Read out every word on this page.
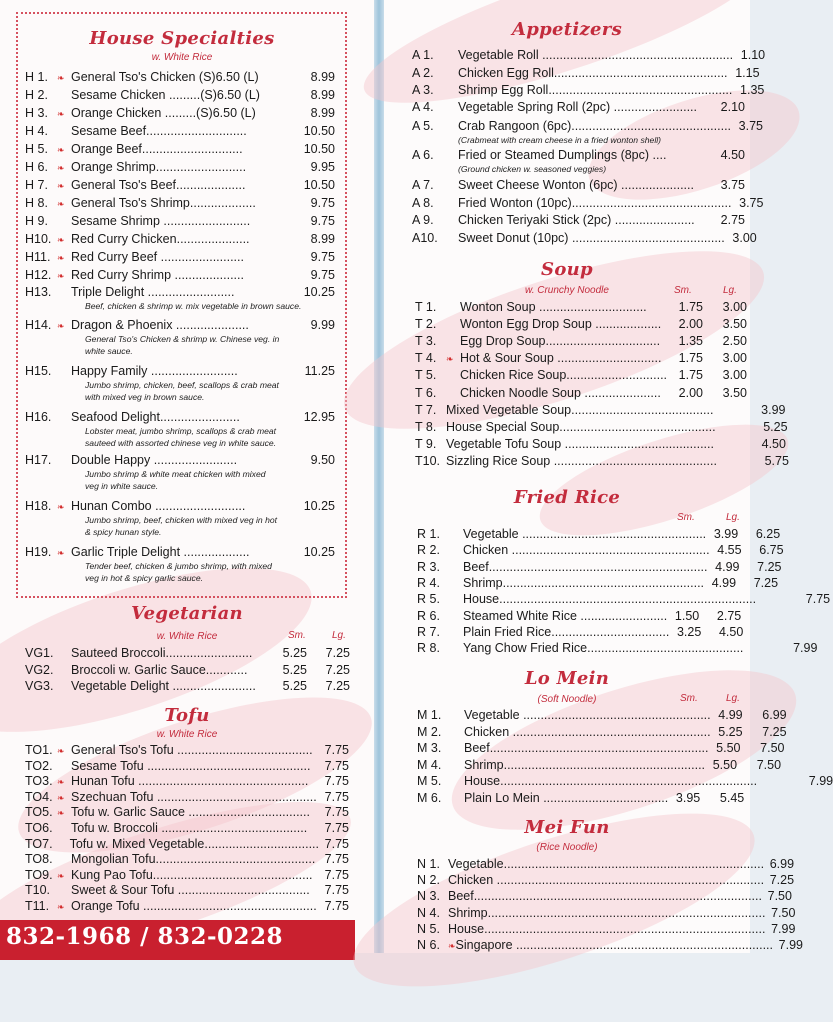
House Specialties
w. White Rice
H 1.	❧ General Tso's Chicken (S)6.50 (L)	8.99
H 2.	Sesame Chicken .........(S)6.50 (L)	8.99
H 3.	❧ Orange Chicken .........(S)6.50 (L)	8.99
H 4.	Sesame Beef.............................	10.50
H 5.	❧ Orange Beef.............................	10.50
H 6.	❧ Orange Shrimp..........................	9.95
H 7.	❧ General Tso's Beef....................	10.50
H 8.	❧ General Tso's Shrimp...................	9.75
H 9.	Sesame Shrimp .........................	9.75
H10. ❧ Red Curry Chicken.....................	8.99
H11. ❧ Red Curry Beef ........................	9.75
H12. ❧ Red Curry Shrimp ....................	9.75
H13. Triple Delight .........................	10.25
Beef, chicken & shrimp w. mix vegetable in brown sauce.
H14. ❧ Dragon & Phoenix .....................	9.99
General Tso's Chicken & shrimp w. Chinese veg. in
white sauce.
H15. Happy Family .........................	11.25
Jumbo shrimp, chicken, beef, scallops & crab meat
with mixed veg in brown sauce.
H16. Seafood Delight.......................	12.95
Lobster meat, jumbo shrimp, scallops & crab meat
sauteed with assorted chinese veg in white sauce.
H17. Double Happy ........................	9.50
Jumbo shrimp & white meat chicken with mixed
veg in white sauce.
H18. ❧ Hunan Combo ..........................	10.25
Jumbo shrimp, beef, chicken with mixed veg in hot
& spicy hunan style.
H19. ❧ Garlic Triple Delight ...................	10.25
Tender beef, chicken & jumbo shrimp, with mixed
veg in hot & spicy garlic sauce.
Vegetarian
w. White Rice	Sm.	Lg.
VG1.	Sauteed Broccoli.........................	5.25	7.25
VG2.	Broccoli w. Garlic Sauce............	5.25	7.25
VG3.	Vegetable Delight ........................	5.25	7.25
Tofu
w. White Rice
TO1. ❧ General Tso's Tofu ....................................... 7.75
TO2. Sesame Tofu ...............................................	7.75
TO3. ❧ Hunan Tofu .................................................	7.75
TO4. ❧ Szechuan Tofu .............................................. 7.75
TO5. ❧ Tofu w. Garlic Sauce ...................................	7.75
TO6. Tofu w. Broccoli ..........................................	7.75
TO7. Tofu w. Mixed Vegetable................................. 7.75
TO8. Mongolian Tofu.............................................. 7.75
TO9. ❧ Kung Pao Tofu.............................................. 7.75
T10.	Sweet & Sour Tofu ......................................	7.75
T11. ❧ Orange Tofu .................................................. 7.75
832-1968 / 832-0228
Appetizers
A 1.	Vegetable Roll ....................................................... 1.10
A 2.	Chicken Egg Roll.................................................. 1.15
A 3.	Shrimp Egg Roll..................................................... 1.35
A 4.	Vegetable Spring Roll (2pc) ........................	2.10
A 5.	Crab Rangoon (6pc).............................................. 3.75
(Crabmeat with cream cheese in a fried wonton shell)
A 6.	Fried or Steamed Dumplings (8pc) ....	4.50
(Ground chicken w. seasoned veggies)
A 7.	Sweet Cheese Wonton (6pc) .....................	3.75
A 8.	Fried Wonton (10pc).............................................. 3.75
A 9.	Chicken Teriyaki Stick (2pc) .......................	2.75
A10.	Sweet Donut (10pc) ............................................ 3.00
Soup
w. Crunchy Noodle	Sm.	Lg.
T 1.	Wonton Soup ...............................	1.75	3.00
T 2.	Wonton Egg Drop Soup ...................	2.00	3.50
T 3.	Egg Drop Soup.................................	1.35	2.50
T 4.	❧ Hot & Sour Soup ..............................	1.75	3.00
T 5.	Chicken Rice Soup............................. 1.75	3.00
T 6.	Chicken Noodle Soup ......................	2.00	3.50
T 7. Mixed Vegetable Soup.........................................	3.99
T 8. House Special Soup.............................................	5.25
T 9. Vegetable Tofu Soup ...........................................	4.50
T10. Sizzling Rice Soup ...............................................	5.75
Fried Rice
Sm.	Lg.
R 1.	Vegetable ..................................................... 3.99	6.25
R 2.	Chicken ......................................................... 4.55	6.75
R 3.	Beef............................................................... 4.99	7.25
R 4.	Shrimp.......................................................... 4.99	7.25
R 5.	House..........................................................................	7.75
R 6.	Steamed White Rice ......................... 1.50	2.75
R 7.	Plain Fried Rice.................................. 3.25	4.50
R 8.	Yang Chow Fried Rice.............................................	7.99
Lo Mein
(Soft Noodle)	Sm.	Lg.
M 1.	Vegetable ...................................................... 4.99	6.99
M 2.	Chicken ......................................................... 5.25	7.25
M 3.	Beef............................................................... 5.50	7.50
M 4.	Shrimp.......................................................... 5.50	7.50
M 5.	House..........................................................................	7.99
M 6.	Plain Lo Mein .................................... 3.95	5.45
Mei Fun
(Rice Noodle)
N 1. Vegetable........................................................................... 6.99
N 2. Chicken ............................................................................. 7.25
N 3. Beef................................................................................... 7.50
N 4. Shrimp................................................................................ 7.50
N 5. House................................................................................. 7.99
N 6. ❧ Singapore .......................................................................... 7.99
